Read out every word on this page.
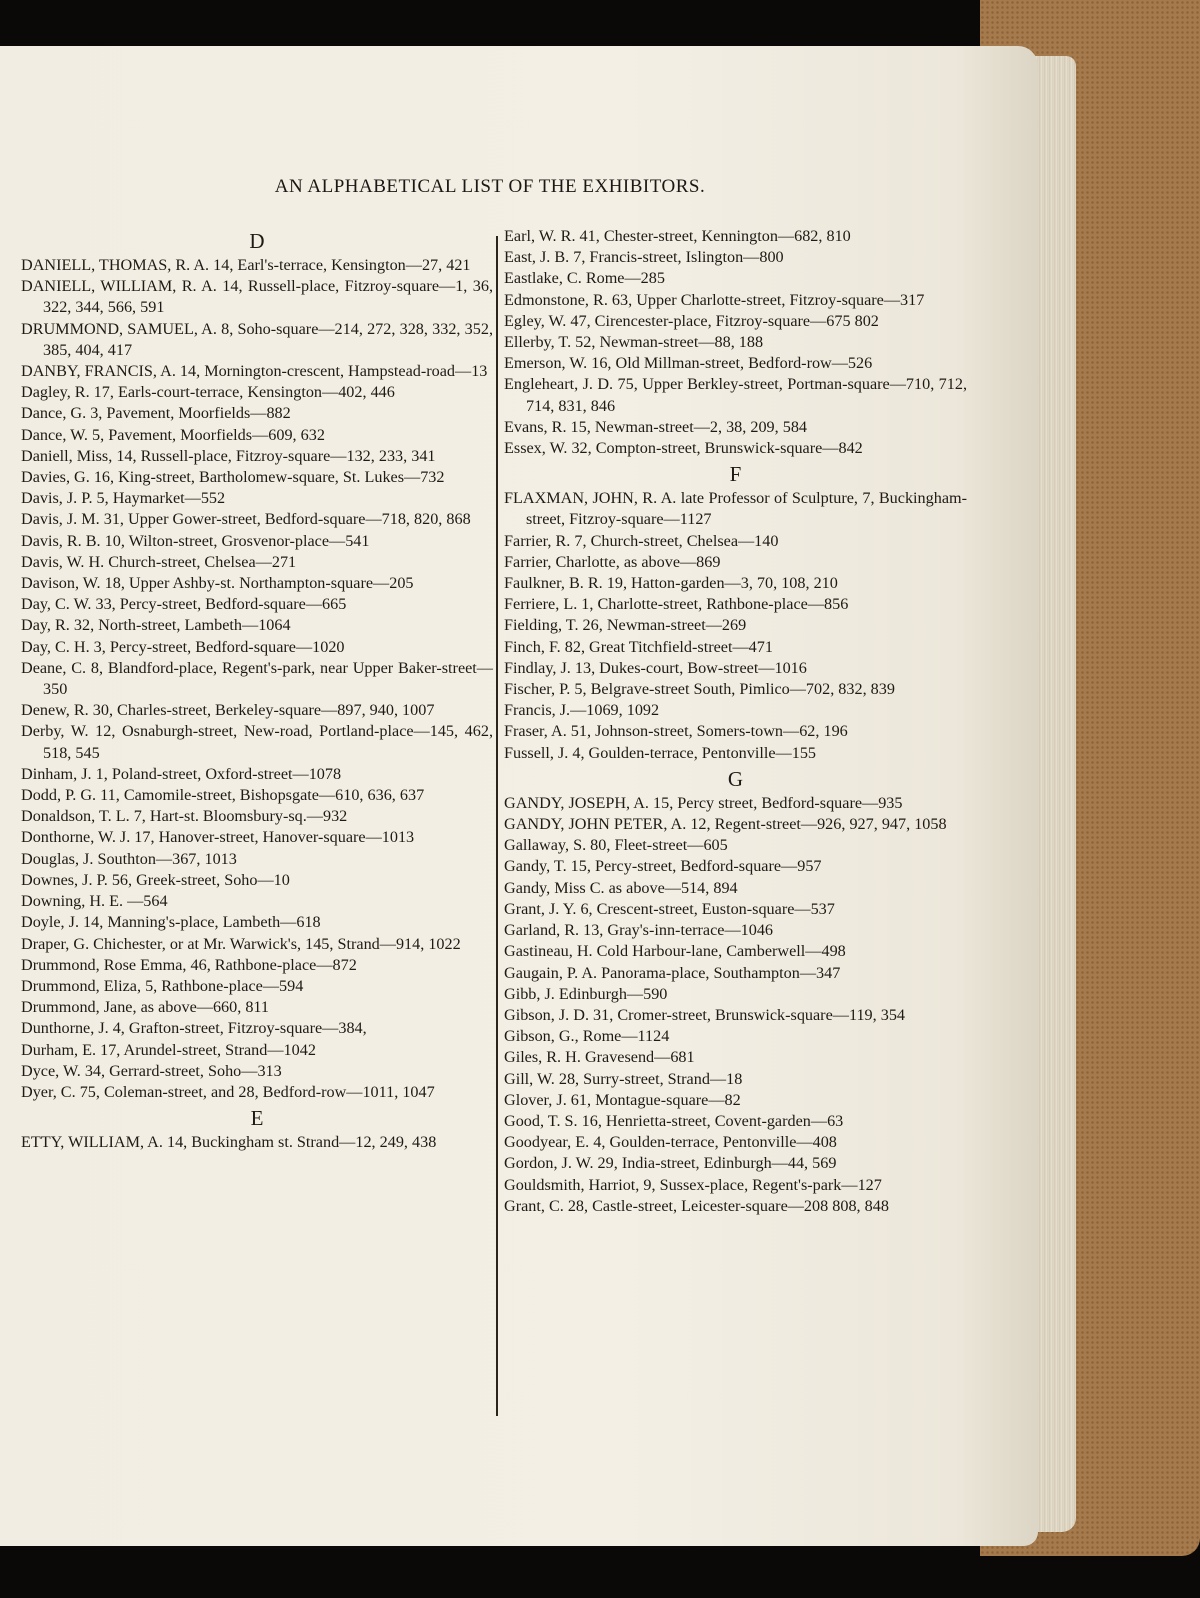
AN ALPHABETICAL LIST OF THE EXHIBITORS.
D

DANIELL, THOMAS, R. A. 14, Earl's-terrace, Kensington—27, 421

DANIELL, WILLIAM, R. A. 14, Russell-place, Fitzroy-square—1, 36, 322, 344, 566, 591

DRUMMOND, SAMUEL, A. 8, Soho-square—214, 272, 328, 332, 352, 385, 404, 417

DANBY, FRANCIS, A. 14, Mornington-crescent, Hampstead-road—13

Dagley, R. 17, Earls-court-terrace, Kensington—402, 446

Dance, G. 3, Pavement, Moorfields—882

Dance, W. 5, Pavement, Moorfields—609, 632

Daniell, Miss, 14, Russell-place, Fitzroy-square—132, 233, 341

Davies, G. 16, King-street, Bartholomew-square, St. Lukes—732

Davis, J. P. 5, Haymarket—552

Davis, J. M. 31, Upper Gower-street, Bedford-square—718, 820, 868

Davis, R. B. 10, Wilton-street, Grosvenor-place—541

Davis, W. H. Church-street, Chelsea—271

Davison, W. 18, Upper Ashby-st. Northampton-square—205

Day, C. W. 33, Percy-street, Bedford-square—665

Day, R. 32, North-street, Lambeth—1064

Day, C. H. 3, Percy-street, Bedford-square—1020

Deane, C. 8, Blandford-place, Regent's-park, near Upper Baker-street—350

Denew, R. 30, Charles-street, Berkeley-square—897, 940, 1007

Derby, W. 12, Osnaburgh-street, New-road, Portland-place—145, 462, 518, 545

Dinham, J. 1, Poland-street, Oxford-street—1078

Dodd, P. G. 11, Camomile-street, Bishopsgate—610, 636, 637

Donaldson, T. L. 7, Hart-st. Bloomsbury-sq.—932

Donthorne, W. J. 17, Hanover-street, Hanover-square—1013

Douglas, J. Southton—367, 1013

Downes, J. P. 56, Greek-street, Soho—10

Downing, H. E. —564

Doyle, J. 14, Manning's-place, Lambeth—618

Draper, G. Chichester, or at Mr. Warwick's, 145, Strand—914, 1022

Drummond, Rose Emma, 46, Rathbone-place—872

Drummond, Eliza, 5, Rathbone-place—594

Drummond, Jane, as above—660, 811

Dunthorne, J. 4, Grafton-street, Fitzroy-square—384,

Durham, E. 17, Arundel-street, Strand—1042

Dyce, W. 34, Gerrard-street, Soho—313

Dyer, C. 75, Coleman-street, and 28, Bedford-row—1011, 1047

E

ETTY, WILLIAM, A. 14, Buckingham st. Strand—12, 249, 438

Earl, W. R. 41, Chester-street, Kennington—682, 810

East, J. B. 7, Francis-street, Islington—800

Eastlake, C. Rome—285

Edmonstone, R. 63, Upper Charlotte-street, Fitzroy-square—317

Egley, W. 47, Cirencester-place, Fitzroy-square—675 802

Ellerby, T. 52, Newman-street—88, 188

Emerson, W. 16, Old Millman-street, Bedford-row—526

Engleheart, J. D. 75, Upper Berkley-street, Portman-square—710, 712, 714, 831, 846

Evans, R. 15, Newman-street—2, 38, 209, 584

Essex, W. 32, Compton-street, Brunswick-square—842

F

FLAXMAN, JOHN, R. A. late Professor of Sculpture, 7, Buckingham-street, Fitzroy-square—1127

Farrier, R. 7, Church-street, Chelsea—140

Farrier, Charlotte, as above—869

Faulkner, B. R. 19, Hatton-garden—3, 70, 108, 210

Ferriere, L. 1, Charlotte-street, Rathbone-place—856

Fielding, T. 26, Newman-street—269

Finch, F. 82, Great Titchfield-street—471

Findlay, J. 13, Dukes-court, Bow-street—1016

Fischer, P. 5, Belgrave-street South, Pimlico—702, 832, 839

Francis, J.—1069, 1092

Fraser, A. 51, Johnson-street, Somers-town—62, 196

Fussell, J. 4, Goulden-terrace, Pentonville—155

G

GANDY, JOSEPH, A. 15, Percy street, Bedford-square—935

GANDY, JOHN PETER, A. 12, Regent-street—926, 927, 947, 1058

Gallaway, S. 80, Fleet-street—605

Gandy, T. 15, Percy-street, Bedford-square—957

Gandy, Miss C. as above—514, 894

Grant, J. Y. 6, Crescent-street, Euston-square—537

Garland, R. 13, Gray's-inn-terrace—1046

Gastineau, H. Cold Harbour-lane, Camberwell—498

Gaugain, P. A. Panorama-place, Southampton—347

Gibb, J. Edinburgh—590

Gibson, J. D. 31, Cromer-street, Brunswick-square—119, 354

Gibson, G., Rome—1124

Giles, R. H. Gravesend—681

Gill, W. 28, Surry-street, Strand—18

Glover, J. 61, Montague-square—82

Good, T. S. 16, Henrietta-street, Covent-garden—63

Goodyear, E. 4, Goulden-terrace, Pentonville—408

Gordon, J. W. 29, India-street, Edinburgh—44, 569

Gouldsmith, Harriot, 9, Sussex-place, Regent's-park—127

Grant, C. 28, Castle-street, Leicester-square—208 808, 848
